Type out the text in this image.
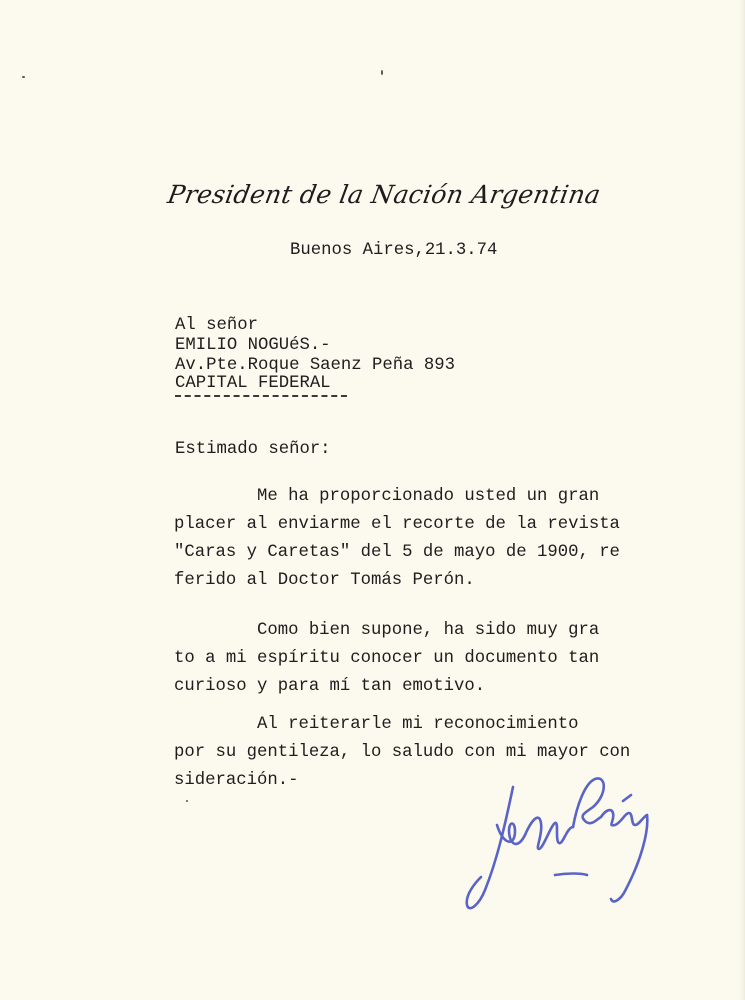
President de la Nación Argentina
Buenos Aires,21.3.74
Al señor
EMILIO NOGUéS.-
Av.Pte.Roque Saenz Peña 893
CAPITAL FEDERAL
Estimado señor:
Me ha proporcionado usted un gran
placer al enviarme el recorte de la revista
"Caras y Caretas" del 5 de mayo de 1900, re
ferido al Doctor Tomás Perón.
Como bien supone, ha sido muy gra
to a mi espíritu conocer un documento tan
curioso y para mí tan emotivo.
Al reiterarle mi reconocimiento
por su gentileza, lo saludo con mi mayor con
sideración.-
